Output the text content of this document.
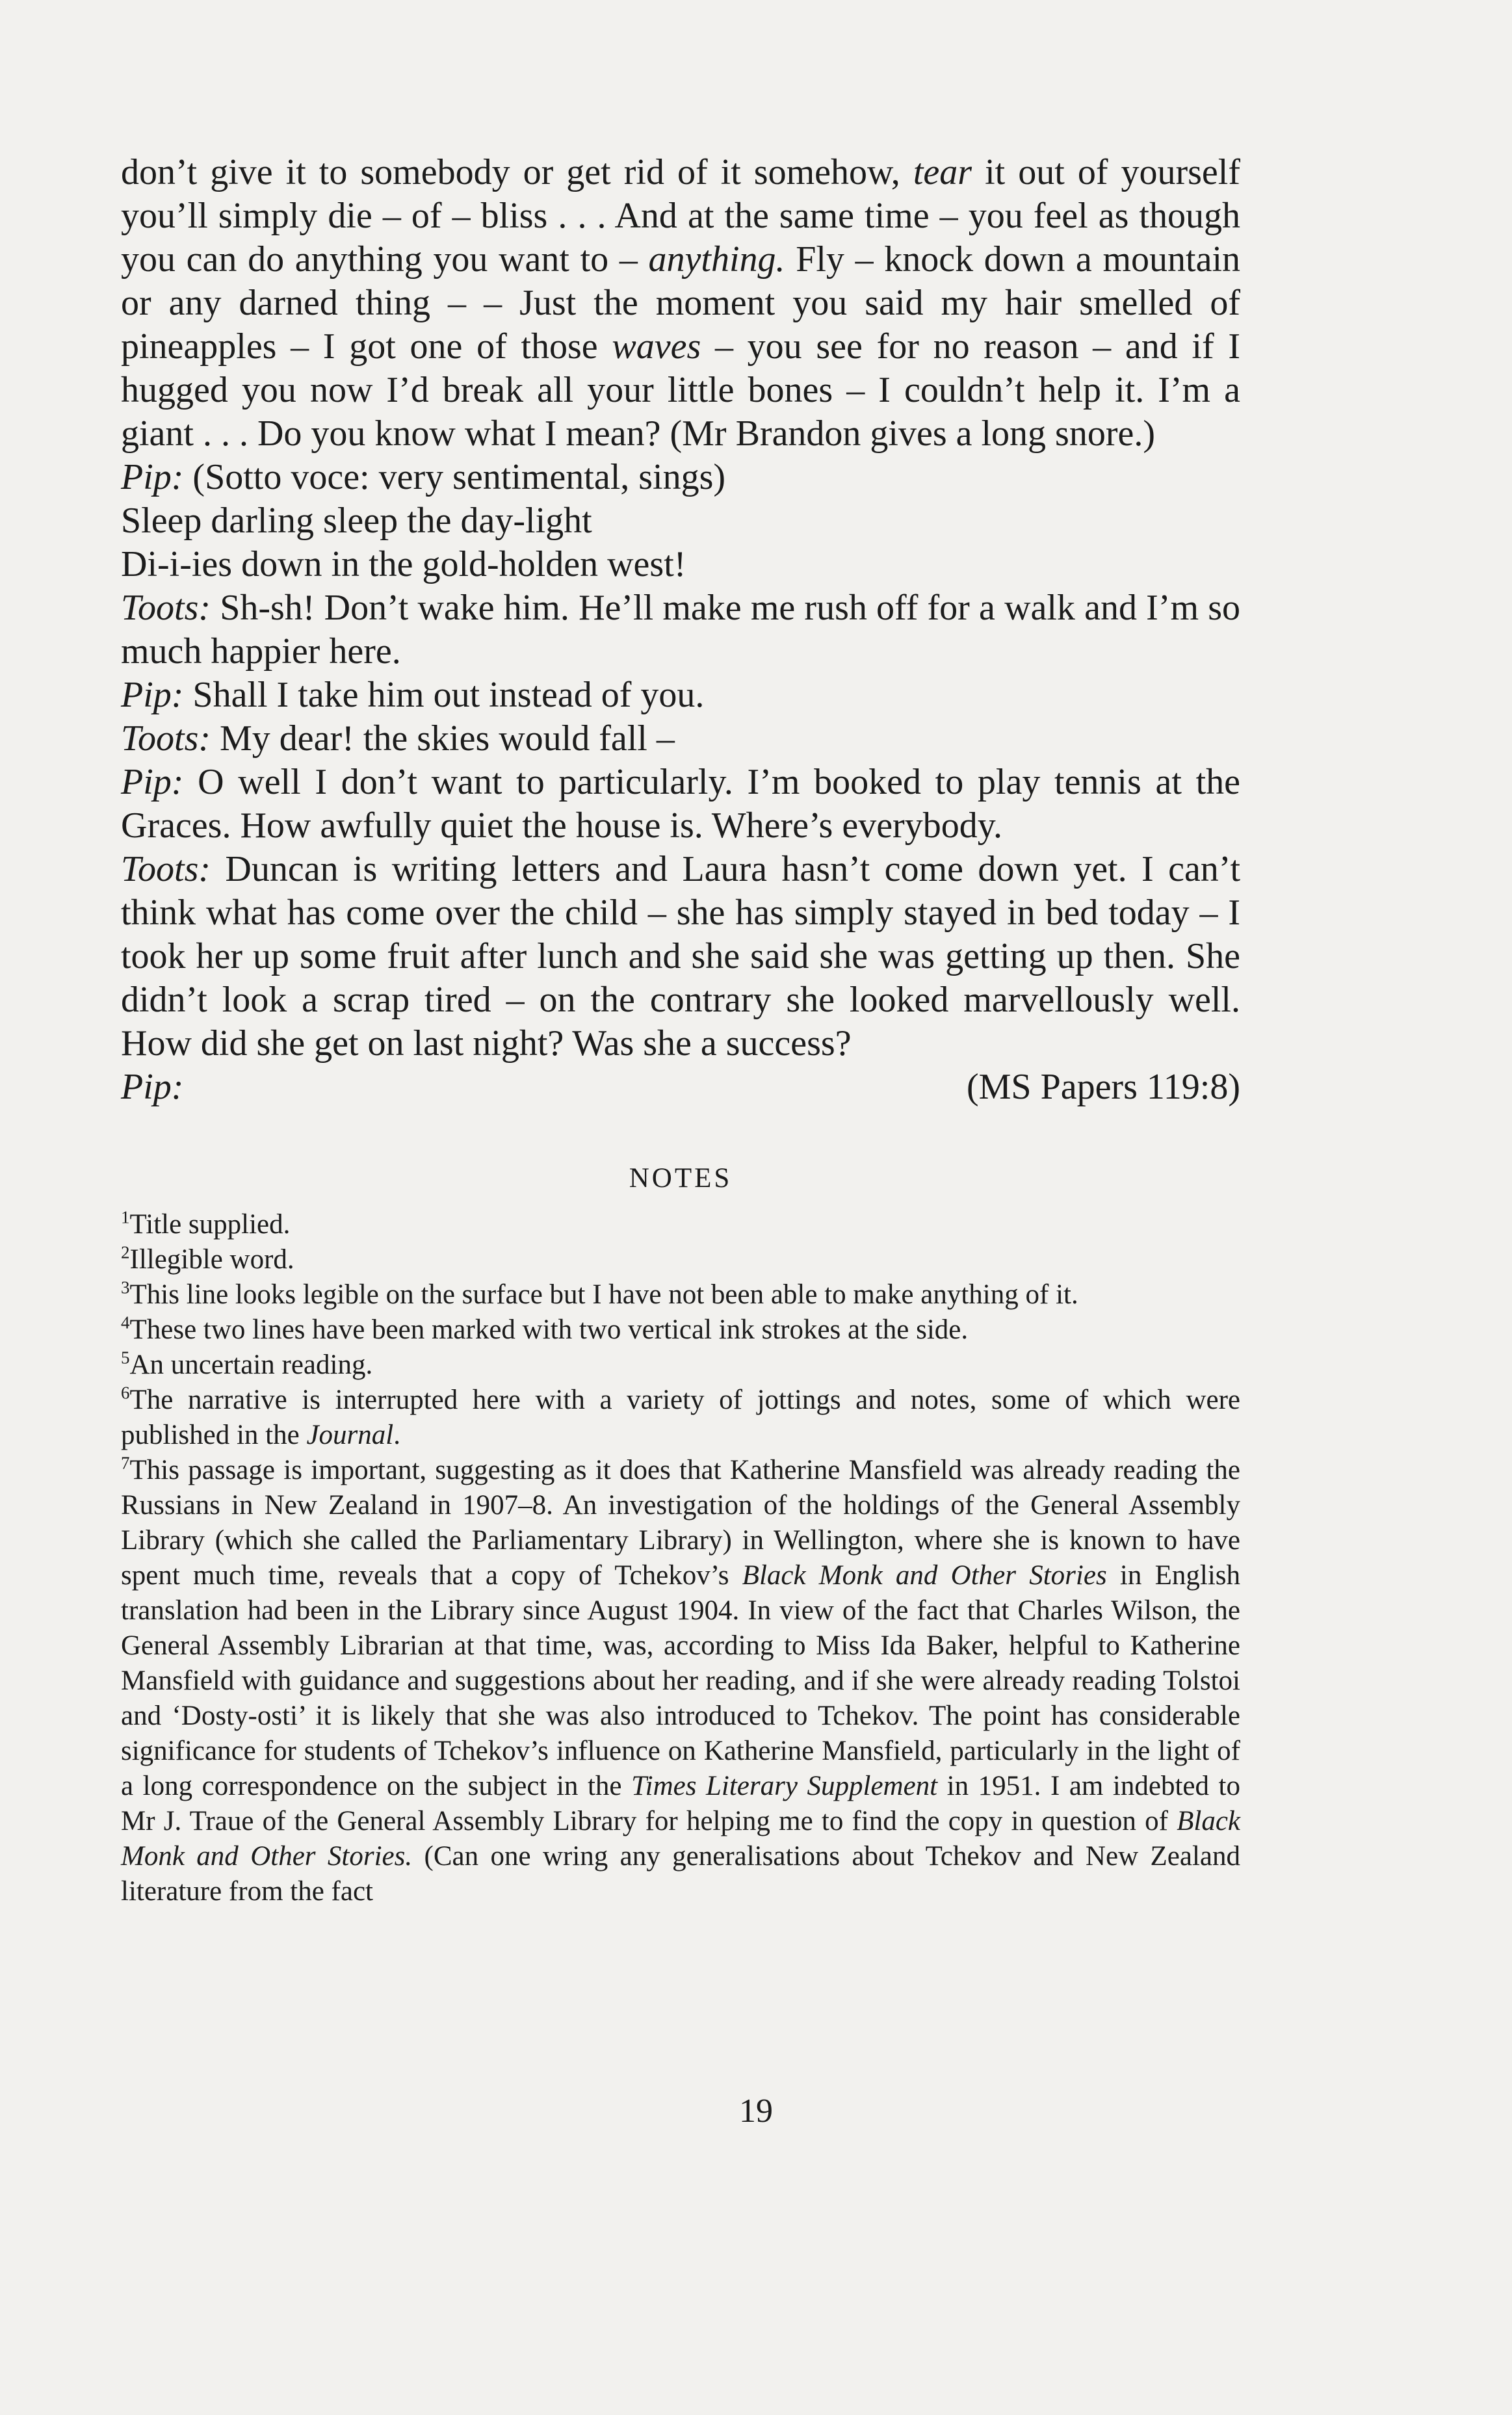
don’t give it to somebody or get rid of it somehow, tear it out of yourself you’ll simply die – of – bliss . . . And at the same time – you feel as though you can do anything you want to – anything. Fly – knock down a mountain or any darned thing – – Just the moment you said my hair smelled of pineapples – I got one of those waves – you see for no reason – and if I hugged you now I’d break all your little bones – I couldn’t help it. I’m a giant . . . Do you know what I mean? (Mr Brandon gives a long snore.)

Pip: (Sotto voce: very sentimental, sings)

Sleep darling sleep the day-light

Di-i-ies down in the gold-holden west!

Toots: Sh-sh! Don’t wake him. He’ll make me rush off for a walk and I’m so much happier here.

Pip: Shall I take him out instead of you.

Toots: My dear! the skies would fall –

Pip: O well I don’t want to particularly. I’m booked to play tennis at the Graces. How awfully quiet the house is. Where’s everybody.

Toots: Duncan is writing letters and Laura hasn’t come down yet. I can’t think what has come over the child – she has simply stayed in bed today – I took her up some fruit after lunch and she said she was getting up then. She didn’t look a scrap tired – on the contrary she looked marvellously well. How did she get on last night? Was she a success?

Pip:	(MS Papers 119:8)

NOTES

$^1$Title supplied.

$^2$Illegible word.

$^3$This line looks legible on the surface but I have not been able to make anything of it.

$^4$These two lines have been marked with two vertical ink strokes at the side.

$^5$An uncertain reading.

$^6$The narrative is interrupted here with a variety of jottings and notes, some of which were published in the Journal.

$^7$This passage is important, suggesting as it does that Katherine Mansfield was already reading the Russians in New Zealand in 1907–8. An investigation of the holdings of the General Assembly Library (which she called the Parliamentary Library) in Wellington, where she is known to have spent much time, reveals that a copy of Tchekov’s Black Monk and Other Stories in English translation had been in the Library since August 1904. In view of the fact that Charles Wilson, the General Assembly Librarian at that time, was, according to Miss Ida Baker, helpful to Katherine Mansfield with guidance and suggestions about her reading, and if she were already reading Tolstoi and ‘Dosty-osti’ it is likely that she was also introduced to Tchekov. The point has considerable significance for students of Tchekov’s influence on Katherine Mansfield, particularly in the light of a long correspondence on the subject in the Times Literary Supplement in 1951. I am indebted to Mr J. Traue of the General Assembly Library for helping me to find the copy in question of Black Monk and Other Stories. (Can one wring any generalisations about Tchekov and New Zealand literature from the fact

19
